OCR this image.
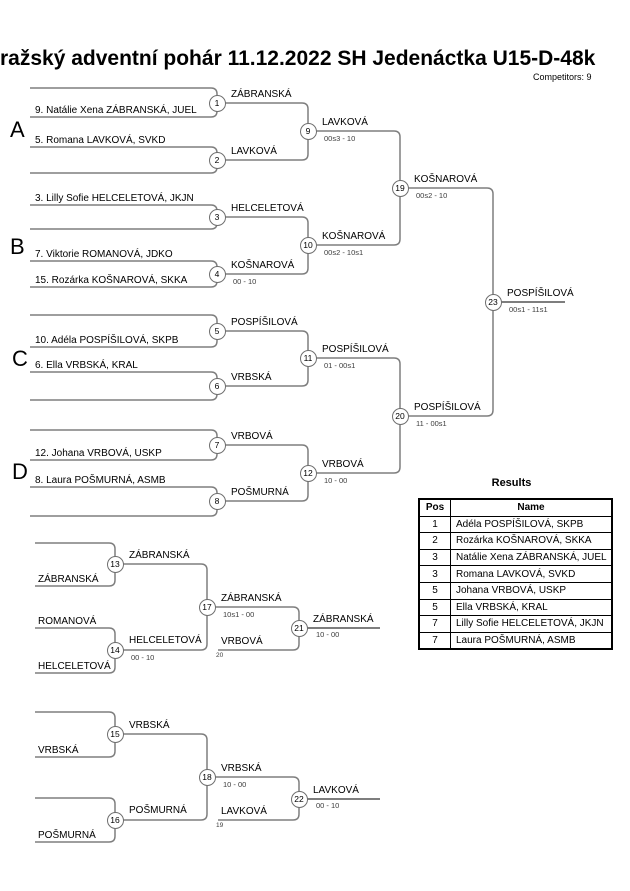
ražský adventní pohár 11.12.2022 SH Jedenáctka U15-D-48k
Competitors: 9
A
B
C
D
9. Natálie Xena ZÁBRANSKÁ, JUEL
5. Romana LAVKOVÁ, SVKD
3. Lilly Sofie HELCELETOVÁ, JKJN
7. Viktorie ROMANOVÁ, JDKO
15. Rozárka KOŠNAROVÁ, SKKA
10. Adéla POSPÍŠILOVÁ, SKPB
6. Ella VRBSKÁ, KRAL
12. Johana VRBOVÁ, USKP
8. Laura POŠMURNÁ, ASMB
ZÁBRANSKÁ
LAVKOVÁ
HELCELETOVÁ
KOŠNAROVÁ
00 - 10
POSPÍŠILOVÁ
VRBSKÁ
VRBOVÁ
POŠMURNÁ
LAVKOVÁ
00s3 - 10
KOŠNAROVÁ
00s2 - 10s1
POSPÍŠILOVÁ
01 - 00s1
VRBOVÁ
10 - 00
KOŠNAROVÁ
00s2 - 10
POSPÍŠILOVÁ
11 - 00s1
POSPÍŠILOVÁ
00s1 - 11s1
ZÁBRANSKÁ
ROMANOVÁ
HELCELETOVÁ
ZÁBRANSKÁ
HELCELETOVÁ
00 - 10
ZÁBRANSKÁ
10s1 - 00
VRBOVÁ
20
ZÁBRANSKÁ
10 - 00
VRBSKÁ
POŠMURNÁ
VRBSKÁ
POŠMURNÁ
VRBSKÁ
10 - 00
LAVKOVÁ
19
LAVKOVÁ
00 - 10
1
2
3
4
5
6
7
8
9
10
11
12
19
20
23
13
14
17
21
15
16
18
22
Results
Pos	Name
1	Adéla POSPÍŠILOVÁ, SKPB
2	Rozárka KOŠNAROVÁ, SKKA
3	Natálie Xena ZÁBRANSKÁ, JUEL
3	Romana LAVKOVÁ, SVKD
5	Johana VRBOVÁ, USKP
5	Ella VRBSKÁ, KRAL
7	Lilly Sofie HELCELETOVÁ, JKJN
7	Laura POŠMURNÁ, ASMB
